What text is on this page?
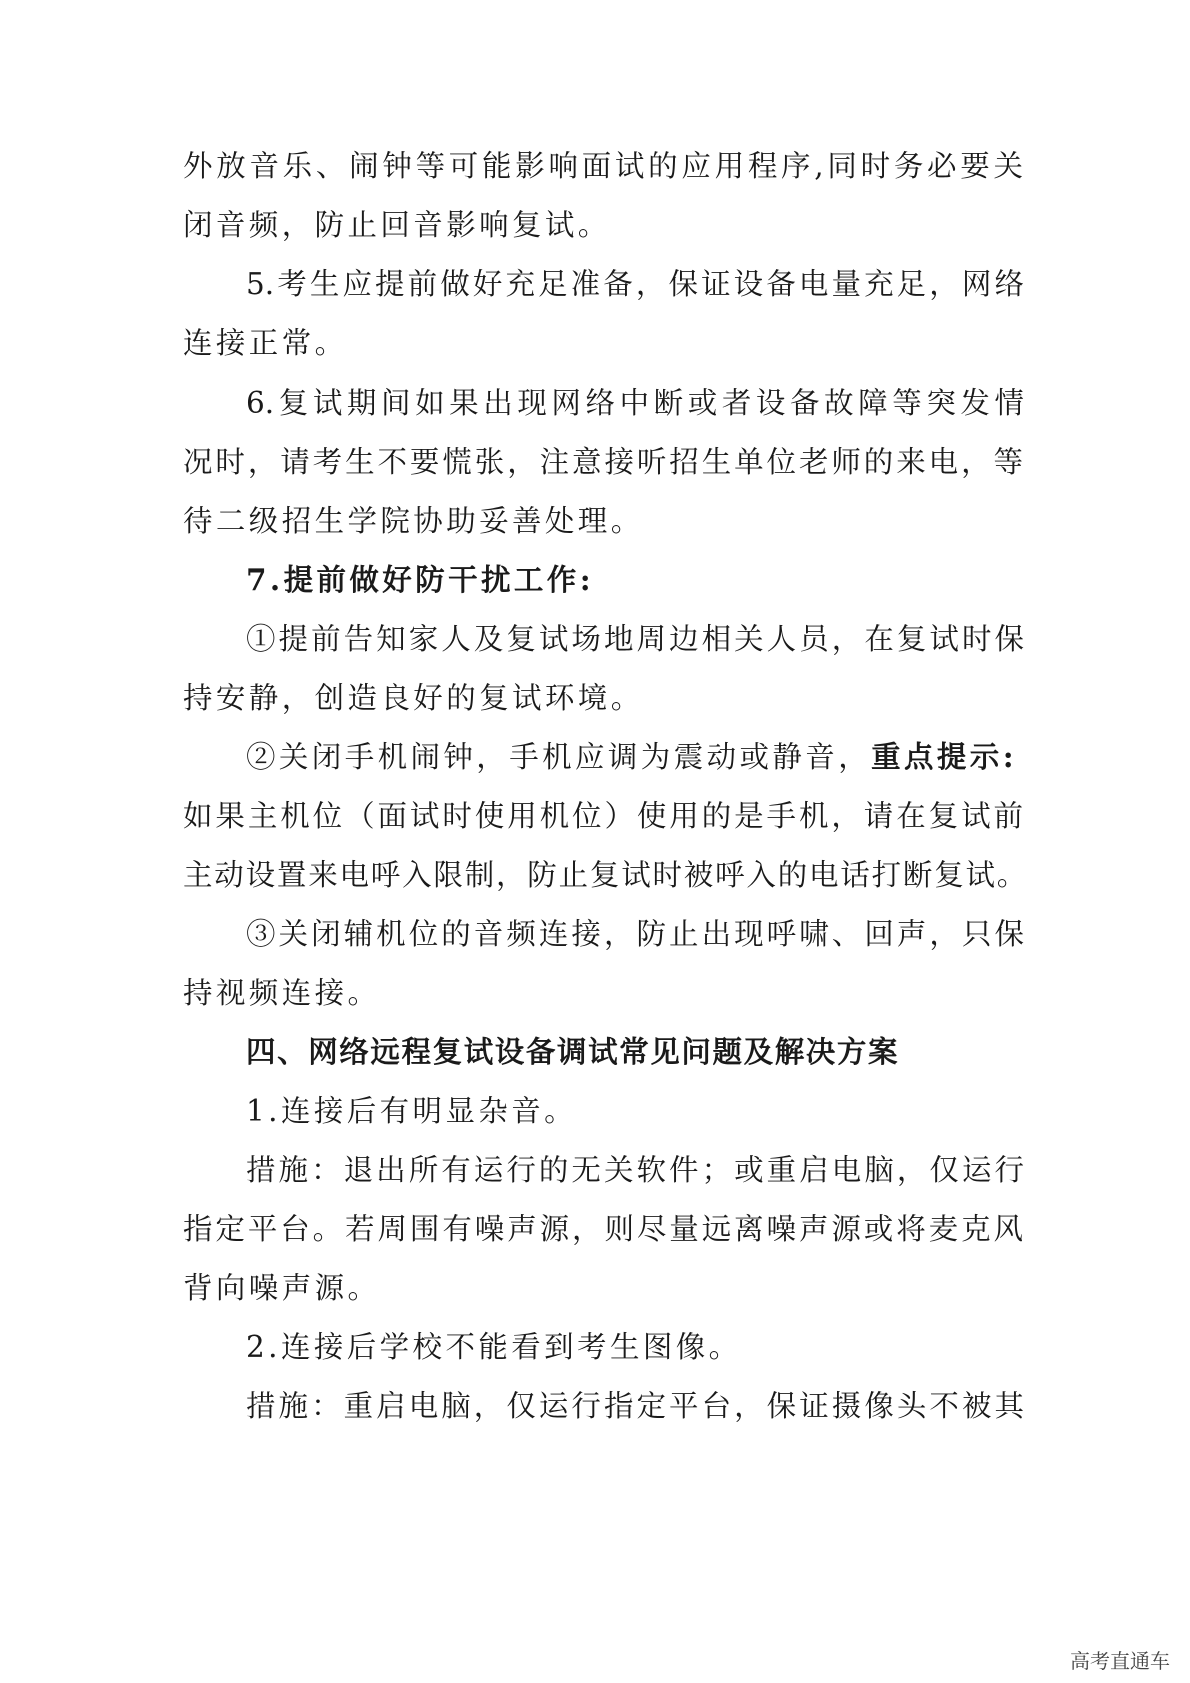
外放音乐、闹钟等可能影响面试的应用程序,同时务必要关
闭音频，防止回音影响复试。
5.考生应提前做好充足准备，保证设备电量充足，网络
连接正常。
6.复试期间如果出现网络中断或者设备故障等突发情
况时，请考生不要慌张，注意接听招生单位老师的来电，等
待二级招生学院协助妥善处理。
7.提前做好防干扰工作:
①提前告知家人及复试场地周边相关人员，在复试时保
持安静，创造良好的复试环境。
②关闭手机闹钟，手机应调为震动或静音，重点提示:
如果主机位（面试时使用机位）使用的是手机，请在复试前
主动设置来电呼入限制，防止复试时被呼入的电话打断复试。
③关闭辅机位的音频连接，防止出现呼啸、回声，只保
持视频连接。
四、网络远程复试设备调试常见问题及解决方案
1.连接后有明显杂音。
措施：退出所有运行的无关软件；或重启电脑，仅运行
指定平台。若周围有噪声源，则尽量远离噪声源或将麦克风
背向噪声源。
2.连接后学校不能看到考生图像。
措施：重启电脑，仅运行指定平台，保证摄像头不被其
高考直通车
